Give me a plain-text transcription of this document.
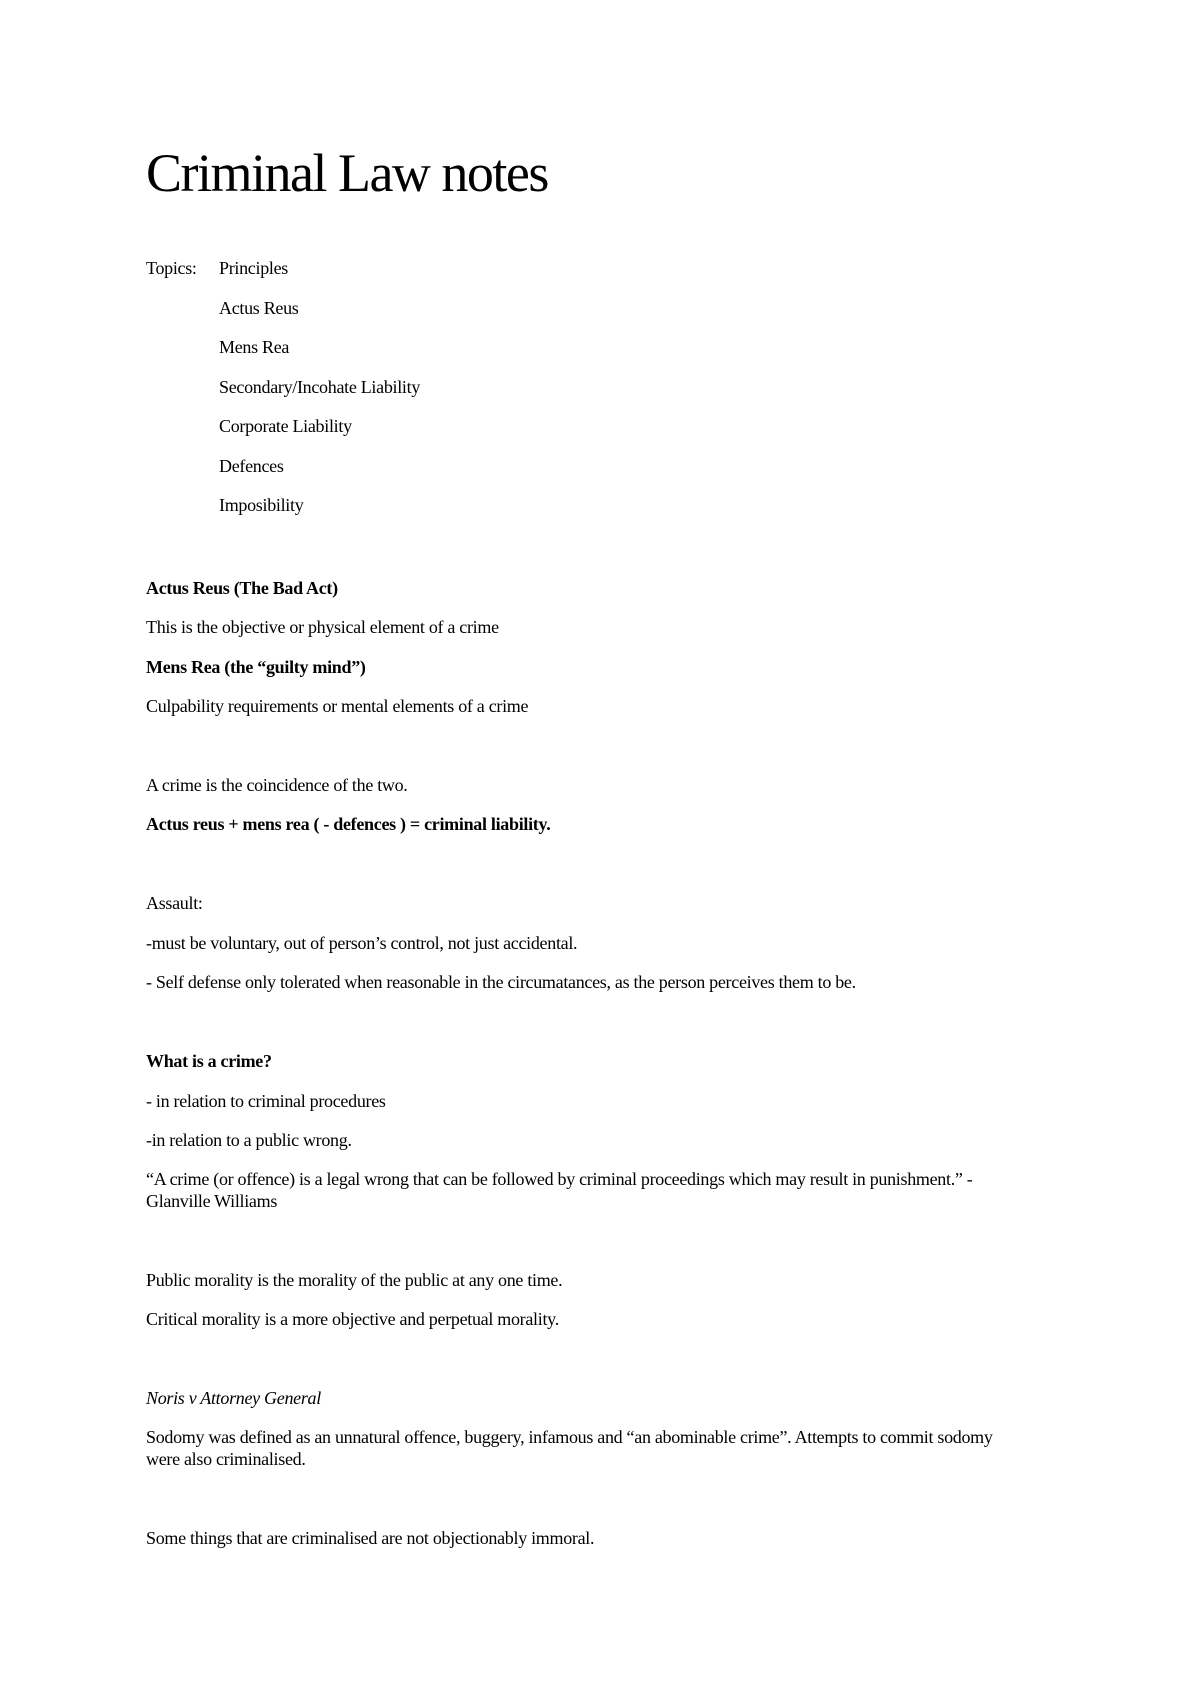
Criminal Law notes
Topics: Principles
Actus Reus
Mens Rea
Secondary/Incohate Liability
Corporate Liability
Defences
Imposibility

Actus Reus (The Bad Act)

This is the objective or physical element of a crime

Mens Rea (the “guilty mind”)

Culpability requirements or mental elements of a crime

A crime is the coincidence of the two.

Actus reus + mens rea ( - defences ) = criminal liability.

Assault:

-must be voluntary, out of person’s control, not just accidental.

- Self defense only tolerated when reasonable in the circumatances, as the person perceives them to be.

What is a crime?

- in relation to criminal procedures

-in relation to a public wrong.

“A crime (or offence) is a legal wrong that can be followed by criminal proceedings which may result in punishment.” - Glanville Williams

Public morality is the morality of the public at any one time.

Critical morality is a more objective and perpetual morality.

Noris v Attorney General

Sodomy was defined as an unnatural offence, buggery, infamous and “an abominable crime”. Attempts to commit sodomy were also criminalised.

Some things that are criminalised are not objectionably immoral.
